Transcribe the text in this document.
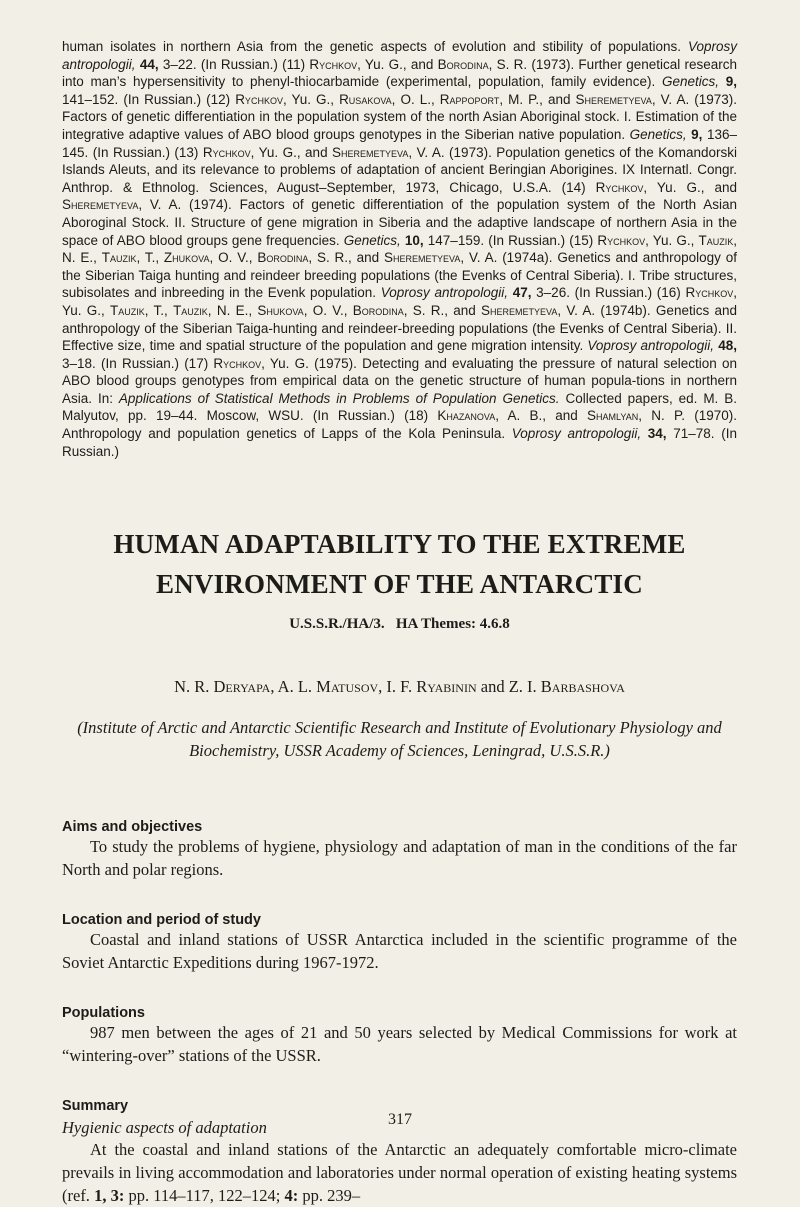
human isolates in northern Asia from the genetic aspects of evolution and stibility of populations. Voprosy antropologii, 44, 3–22. (In Russian.) (11) Rychkov, Yu. G., and Borodina, S. R. (1973). Further genetical research into man’s hypersensitivity to phenyl-thiocarbamide (experimental, population, family evidence). Genetics, 9, 141–152. (In Russian.) (12) Rychkov, Yu. G., Rusakova, O. L., Rappoport, M. P., and Sheremetyeva, V. A. (1973). Factors of genetic differentiation in the population system of the north Asian Aboriginal stock. I. Estimation of the integrative adaptive values of ABO blood groups genotypes in the Siberian native population. Genetics, 9, 136–145. (In Russian.) (13) Rychkov, Yu. G., and Sheremetyeva, V. A. (1973). Population genetics of the Komandorski Islands Aleuts, and its relevance to problems of adaptation of ancient Beringian Aborigines. IX Internatl. Congr. Anthrop. & Ethnolog. Sciences, August–September, 1973, Chicago, U.S.A. (14) Rychkov, Yu. G., and Sheremetyeva, V. A. (1974). Factors of genetic differentiation of the population system of the North Asian Aboroginal Stock. II. Structure of gene migration in Siberia and the adaptive landscape of northern Asia in the space of ABO blood groups gene frequencies. Genetics, 10, 147–159. (In Russian.) (15) Rychkov, Yu. G., Tauzik, N. E., Tauzik, T., Zhukova, O. V., Borodina, S. R., and Sheremetyeva, V. A. (1974a). Genetics and anthropology of the Siberian Taiga hunting and reindeer breeding populations (the Evenks of Central Siberia). I. Tribe structures, subisolates and inbreeding in the Evenk population. Voprosy antropologii, 47, 3–26. (In Russian.) (16) Rychkov, Yu. G., Tauzik, T., Tauzik, N. E., Shukova, O. V., Borodina, S. R., and Sheremetyeva, V. A. (1974b). Genetics and anthropology of the Siberian Taiga-hunting and reindeer-breeding populations (the Evenks of Central Siberia). II. Effective size, time and spatial structure of the population and gene migration intensity. Voprosy antropologii, 48, 3–18. (In Russian.) (17) Rychkov, Yu. G. (1975). Detecting and evaluating the pressure of natural selection on ABO blood groups genotypes from empirical data on the genetic structure of human popula-tions in northern Asia. In: Applications of Statistical Methods in Problems of Population Genetics. Collected papers, ed. M. B. Malyutov, pp. 19–44. Moscow, WSU. (In Russian.) (18) Khazanova, A. B., and Shamlyan, N. P. (1970). Anthropology and population genetics of Lapps of the Kola Peninsula. Voprosy antropologii, 34, 71–78. (In Russian.)

HUMAN ADAPTABILITY TO THE EXTREME
ENVIRONMENT OF THE ANTARCTIC
U.S.S.R./HA/3.   HA Themes: 4.6.8
N. R. Deryapa, A. L. Matusov, I. F. Ryabinin and Z. I. Barbashova
(Institute of Arctic and Antarctic Scientific Research and Institute of Evolutionary Physiology and Biochemistry, USSR Academy of Sciences, Leningrad, U.S.S.R.)

Aims and objectives

To study the problems of hygiene, physiology and adaptation of man in the conditions of the far North and polar regions.

Location and period of study

Coastal and inland stations of USSR Antarctica included in the scientific programme of the Soviet Antarctic Expeditions during 1967-1972.

Populations

987 men between the ages of 21 and 50 years selected by Medical Commissions for work at “wintering-over” stations of the USSR.

Summary

Hygienic aspects of adaptation

At the coastal and inland stations of the Antarctic an adequately comfortable micro-climate prevails in living accommodation and laboratories under normal operation of existing heating systems (ref. 1, 3: pp. 114–117, 122–124; 4: pp. 239–

317
